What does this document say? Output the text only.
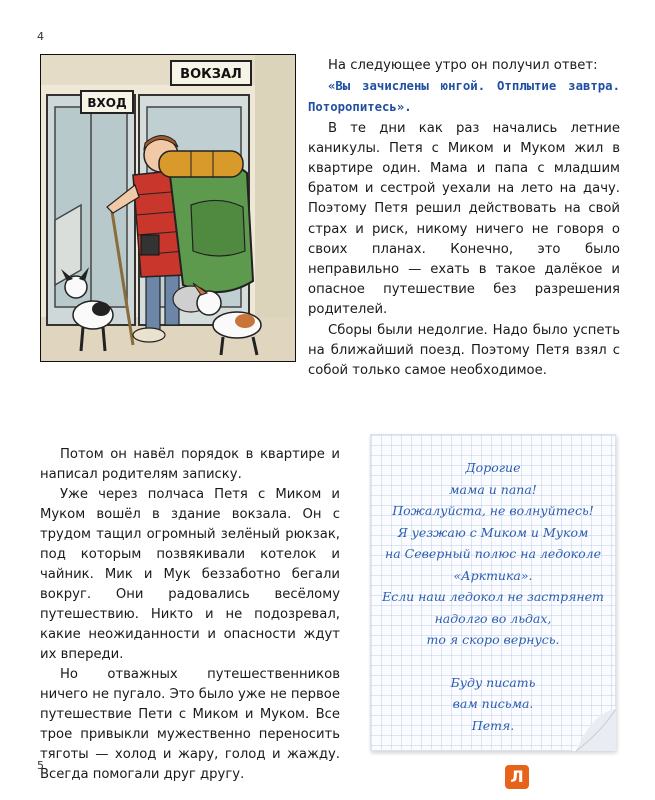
4
ВОКЗАЛ
ВХОД

На следующее утро он получил ответ:

«Вы зачислены юнгой. Отплытие завтра. Поторопитесь».

В те дни как раз начались летние каникулы. Петя с Миком и Муком жил в квартире один. Мама и папа с младшим братом и сестрой уехали на лето на дачу. Поэтому Петя решил действовать на свой страх и риск, никому ничего не говоря о своих планах. Конечно, это было неправильно — ехать в такое далёкое и опасное путешествие без разрешения родителей.

Сборы были недолгие. Надо было успеть на ближайший поезд. Поэтому Петя взял с собой только самое необходимое.

Потом он навёл порядок в квартире и написал родителям записку.

Уже через полчаса Петя с Миком и Муком вошёл в здание вокзала. Он с трудом тащил огромный зелёный рюкзак, под которым позвякивали котелок и чайник. Мик и Мук беззаботно бегали вокруг. Они радовались весёлому путешествию. Никто и не подозревал, какие неожиданности и опасности ждут их впереди.

Но отважных путешественников ничего не пугало. Это было уже не первое путешествие Пети с Миком и Муком. Все трое привыкли мужественно переносить тяготы — холод и жару, голод и жажду. Всегда помогали друг другу.

Дорогие
мама и папа!
Пожалуйста, не волнуйтесь!
Я уезжаю с Миком и Муком
на Северный полюс на ледоколе
«Арктика».
Если наш ледокол не застрянет
надолго во льдах,
то я скоро вернусь.
Буду писать
вам письма.
Петя.
5
Л
